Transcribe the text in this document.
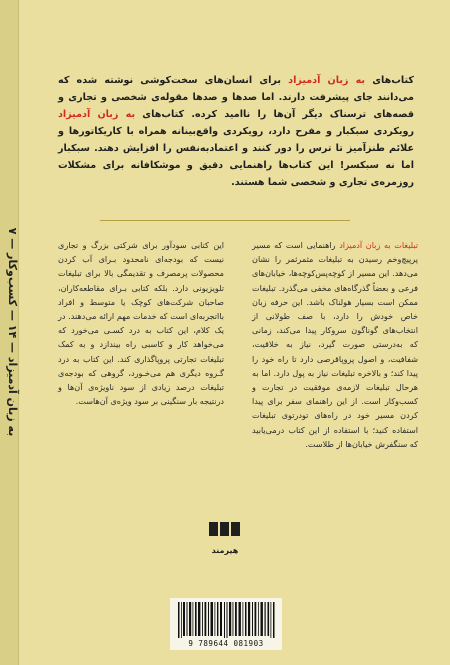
به زبان آدمیزاد — ۱۴ — کسب‌وکار — ۷
کتاب‌های به زبان آدمیزاد برای انسان‌های سخت‌کوشی نوشته شده که می‌دانند جای پیشرفت دارند. اما صدها و صدها مقوله‌ی شخصی و تجاری و قصه‌های ترسناک دیگر آن‌ها را ناامید کرده. کتاب‌های به زبان آدمیزاد رویکردی سبکبار و مفرح دارد، رویکردی واقع‌بینانه همراه با کاریکاتورها و علائم طنزآمیز تا ترس را دور کنند و اعتمادبه‌نفس را افزایش دهند. سبکبار اما نه سبکسر! این کتاب‌ها راهنمایی دقیق و موشکافانه برای مشکلات روزمره‌ی تجاری و شخصی شما هستند.
تبلیغات به زبان آدمیزاد راهنمایی است که مسیر پرپیچ‌وخم رسیدن به تبلیغات مثمرثمر را نشان می‌دهد. این مسیر از کوچه‌پس‌کوچه‌ها، خیابان‌های فرعی و بعضاً گذرگاه‌های مخفی می‌گذرد. تبلیغات ممکن است بسیار هولناک باشد. این حرفه زبان خاص خودش را دارد، با صف طولانی از انتخاب‌های گوناگون سروکار پیدا می‌کند، زمانی که به‌درستی صورت گیرد، نیاز به خلاقیت، شفافیت، و اصول پروپاقرصی دارد تا راه خود را پیدا کند؛ و بالاخره تبلیغات نیاز به پول دارد. اما به هرحال تبلیغات لازمه‌ی موفقیت در تجارت و کسب‌وکار است. از این راهنمای سفر برای پیدا کردن مسیر خود در راه‌های تودرتوی تبلیغات استفاده کنید؛ با استفاده از این کتاب درمی‌یابید که سنگفرش خیابان‌ها از طلاست.
این کتابی سودآور برای شرکتی بزرگ و تجاری نیست که بودجه‌ای نامحدود بـرای آب کردن محصولات پرمصرف و تقدیمگی بالا برای تبلیغات تلویزیونی دارد. بلکه کتابی بـرای مقاطعه‌کاران، صاحبان شرکت‌های کوچک یا متوسط و افراد بااتجربه‌ای است که خدمات مهم ارائه می‌دهند. در یک کلام، این کتاب به درد کسـی می‌خورد که می‌خواهد کار و کاسبی راه بیندازد و به کمک تبلیغات تجارتی پروپاگذاری کند. این کتاب به درد گـروه دیگری هم می‌خـورد، گروهی که بودجه‌ی تبلیغات درصد زیادی از سود ناویژه‌ی آن‌ها و درنتیجه بار سنگینی بر سود ویژه‌ی آن‌هاست.
هیرمند
9 789644 081903
